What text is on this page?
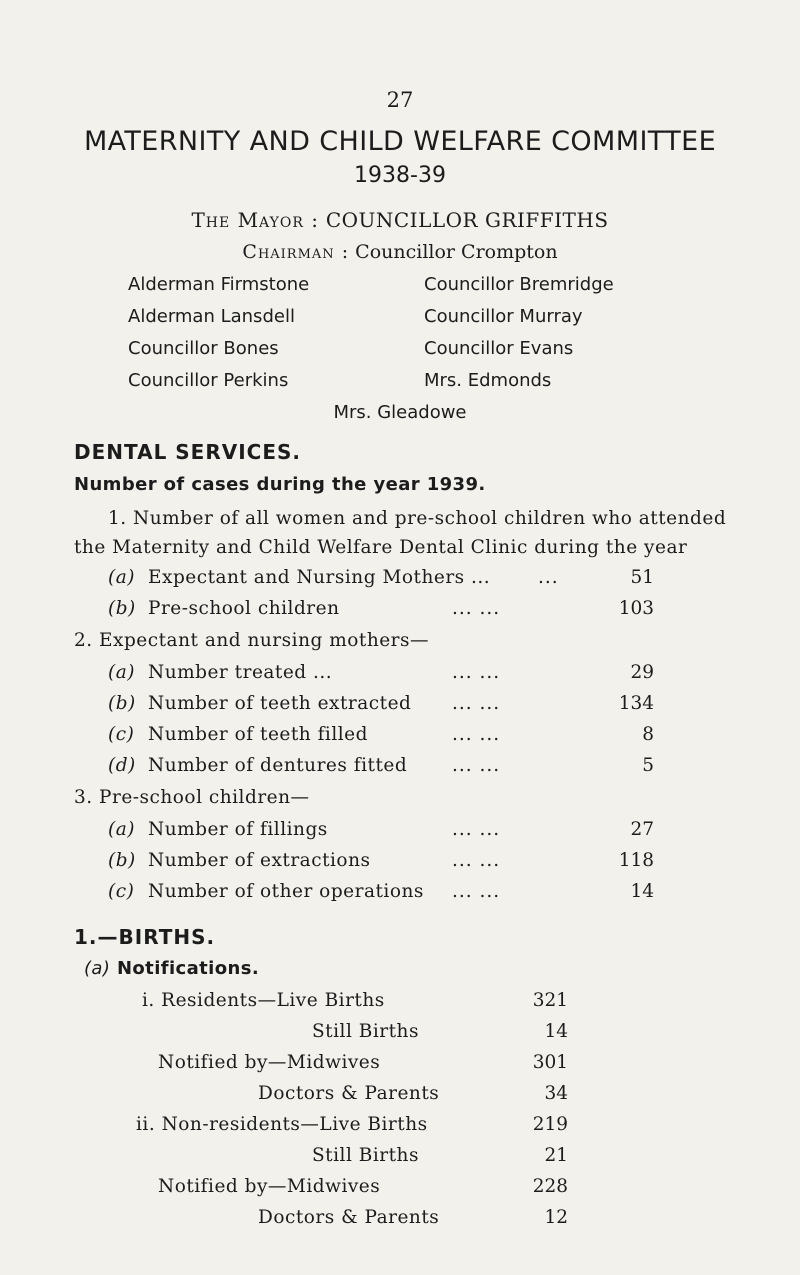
27
MATERNITY AND CHILD WELFARE COMMITTEE
1938-39
The Mayor : COUNCILLOR GRIFFITHS
Chairman : Councillor Crompton
Alderman Firmstone
Alderman Lansdell
Councillor Bones
Councillor Perkins
Councillor Bremridge
Councillor Murray
Councillor Evans
Mrs. Edmonds
Mrs. Gleadowe
DENTAL SERVICES.
Number of cases during the year 1939.
1. Number of all women and pre-school children who attended
the Maternity and Child Welfare Dental Clinic during the year
(a) Expectant and Nursing Mothers ...	...	51
(b) Pre-school children	... ...	103
2. Expectant and nursing mothers—
(a) Number treated ...	... ...	29
(b) Number of teeth extracted ... ...	134
(c) Number of teeth filled	... ...	8
(d) Number of dentures fitted ... ...	5
3. Pre-school children—
(a) Number of fillings	... ...	27
(b) Number of extractions	... ...	118
(c) Number of other operations ... ...	14
1.—BIRTHS.
(a) Notifications.
i. Residents—Live Births	321
Still Births	14
Notified by—Midwives	301
Doctors & Parents	34
ii. Non-residents—Live Births	219
Still Births	21
Notified by—Midwives	228
Doctors & Parents	12
